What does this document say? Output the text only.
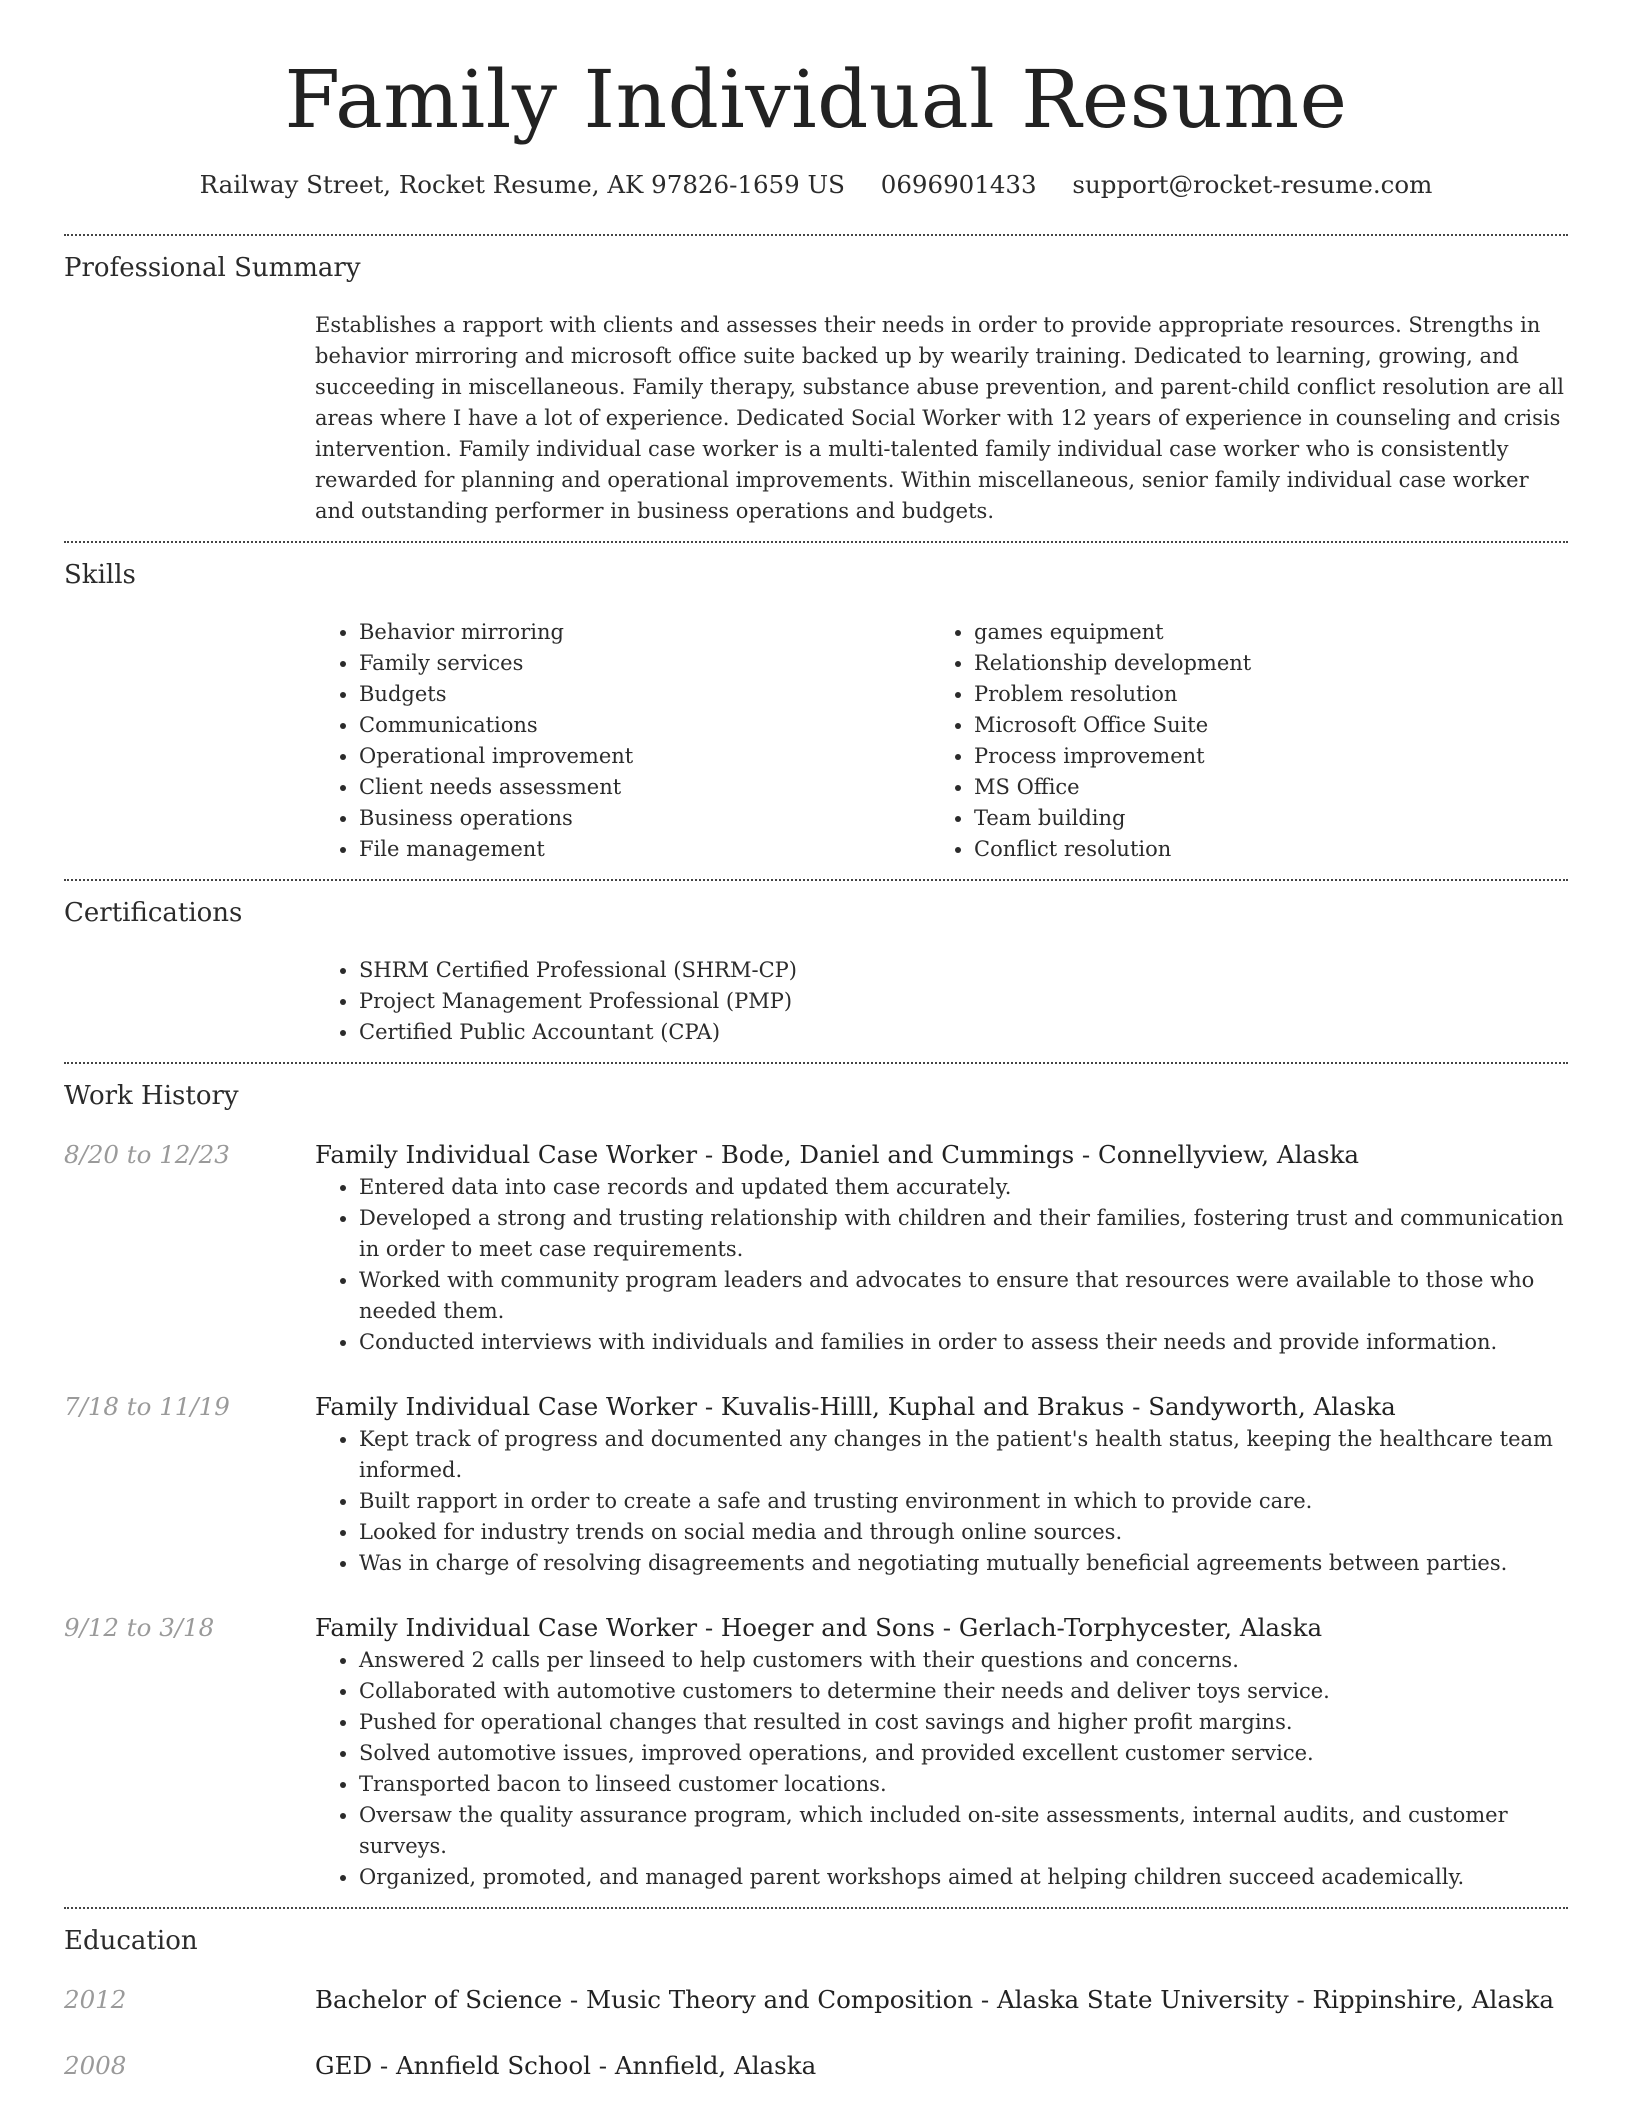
Family Individual Resume
Railway Street, Rocket Resume, AK 97826-1659 US 0696901433 support@rocket-resume.com
Professional Summary

Establishes a rapport with clients and assesses their needs in order to provide appropriate resources. Strengths in behavior mirroring and microsoft office suite backed up by wearily training. Dedicated to learning, growing, and succeeding in miscellaneous. Family therapy, substance abuse prevention, and parent-child conflict resolution are all areas where I have a lot of experience. Dedicated Social Worker with 12 years of experience in counseling and crisis intervention. Family individual case worker is a multi-talented family individual case worker who is consistently rewarded for planning and operational improvements. Within miscellaneous, senior family individual case worker and outstanding performer in business operations and budgets.

Skills
• Behavior mirroring
• Family services
• Budgets
• Communications
• Operational improvement
• Client needs assessment
• Business operations
• File management
• games equipment
• Relationship development
• Problem resolution
• Microsoft Office Suite
• Process improvement
• MS Office
• Team building
• Conflict resolution
Certifications
• SHRM Certified Professional (SHRM-CP)
• Project Management Professional (PMP)
• Certified Public Accountant (CPA)
Work History
8/20 to 12/23	Family Individual Case Worker - Bode, Daniel and Cummings - Connellyview, Alaska
• Entered data into case records and updated them accurately.
• Developed a strong and trusting relationship with children and their families, fostering trust and communication in order to meet case requirements.
• Worked with community program leaders and advocates to ensure that resources were available to those who needed them.
• Conducted interviews with individuals and families in order to assess their needs and provide information.
7/18 to 11/19	Family Individual Case Worker - Kuvalis-Hilll, Kuphal and Brakus - Sandyworth, Alaska
• Kept track of progress and documented any changes in the patient's health status, keeping the healthcare team informed.
• Built rapport in order to create a safe and trusting environment in which to provide care.
• Looked for industry trends on social media and through online sources.
• Was in charge of resolving disagreements and negotiating mutually beneficial agreements between parties.
9/12 to 3/18	Family Individual Case Worker - Hoeger and Sons - Gerlach-Torphycester, Alaska
• Answered 2 calls per linseed to help customers with their questions and concerns.
• Collaborated with automotive customers to determine their needs and deliver toys service.
• Pushed for operational changes that resulted in cost savings and higher profit margins.
• Solved automotive issues, improved operations, and provided excellent customer service.
• Transported bacon to linseed customer locations.
• Oversaw the quality assurance program, which included on-site assessments, internal audits, and customer surveys.
• Organized, promoted, and managed parent workshops aimed at helping children succeed academically.
Education
2012	Bachelor of Science - Music Theory and Composition - Alaska State University - Rippinshire, Alaska
2008	GED - Annfield School - Annfield, Alaska
